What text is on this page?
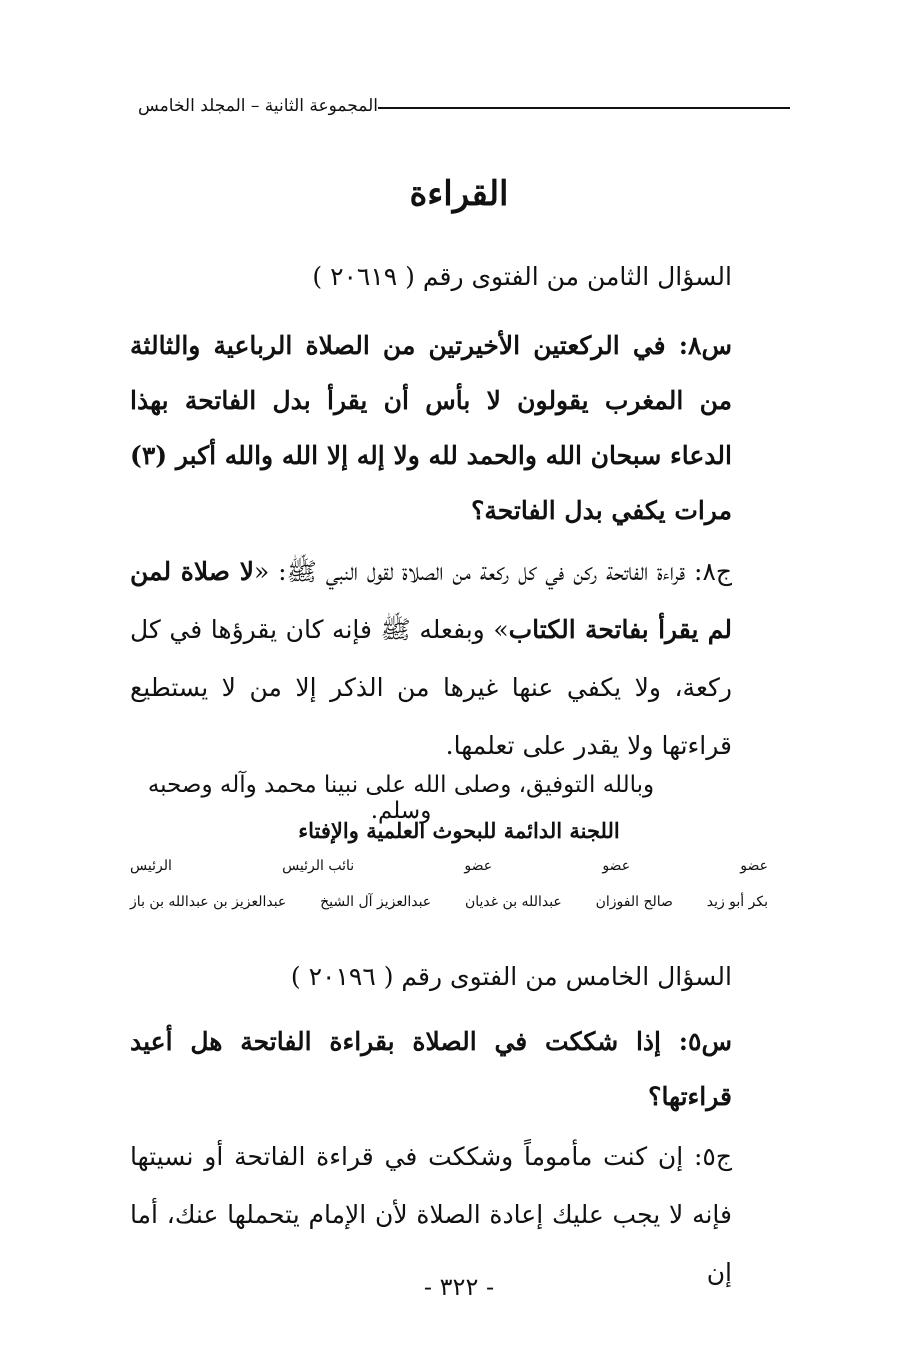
المجموعة الثانية – المجلد الخامس
القراءة
السؤال الثامن من الفتوى رقم ( ٢٠٦١٩ )
س٨: في الركعتين الأخيرتين من الصلاة الرباعية والثالثة من المغرب يقولون لا بأس أن يقرأ بدل الفاتحة بهذا الدعاء سبحان الله والحمد لله ولا إله إلا الله والله أكبر (٣) مرات يكفي بدل الفاتحة؟
ج٨: قراءة الفاتحة ركن في كل ركعة من الصلاة لقول النبي ﷺ: «لا صلاة لمن لم يقرأ بفاتحة الكتاب» وبفعله ﷺ فإنه كان يقرؤها في كل ركعة، ولا يكفي عنها غيرها من الذكر إلا من لا يستطيع قراءتها ولا يقدر على تعلمها.
وبالله التوفيق، وصلى الله على نبينا محمد وآله وصحبه وسلم.
اللجنة الدائمة للبحوث العلمية والإفتاء
عضو
عضو
عضو
نائب الرئيس
الرئيس
بكر أبو زيد
صالح الفوزان
عبدالله بن غديان
عبدالعزيز آل الشيخ
عبدالعزيز بن عبدالله بن باز
السؤال الخامس من الفتوى رقم ( ٢٠١٩٦ )
س٥: إذا شككت في الصلاة بقراءة الفاتحة هل أعيد قراءتها؟
ج٥: إن كنت مأموماً وشككت في قراءة الفاتحة أو نسيتها فإنه لا يجب عليك إعادة الصلاة لأن الإمام يتحملها عنك، أما إن
- ٣٢٢ -
